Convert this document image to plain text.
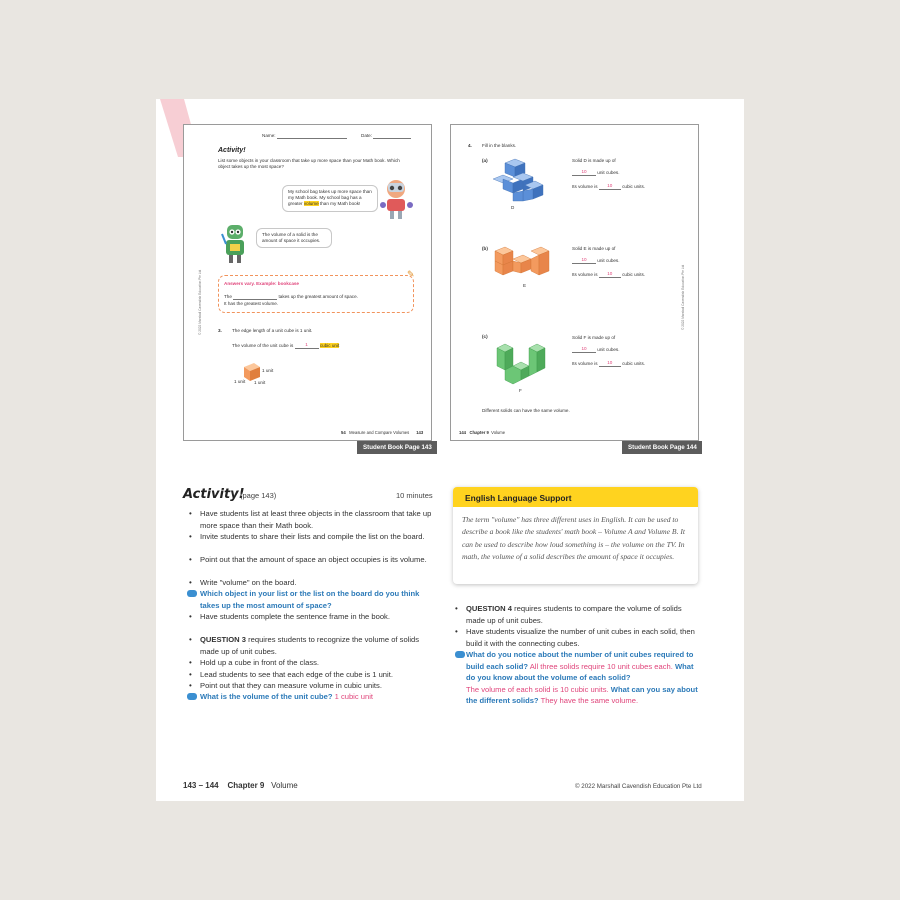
Name:	Date:
Activity!
List some objects in your classroom that take up more space than your Math book. Which object takes up the most space?
My school bag takes up more space than my Math book. My school bag has a greater volume than my Math book!
The volume of a solid is the amount of space it occupies.
Answers vary. Example: bookcase
The	takes up the greatest amount of space.
It has the greatest volume.
✎
3. The edge length of a unit cube is 1 unit.
The volume of the unit cube is	1	cubic unit
1 unit
1 unit 1 unit
© 2022 Marshall Cavendish Education Pte Ltd
54 Measure and Compare Volumes 143
Student Book Page 143
4. Fill in the blanks.
(a)
D
Solid D is made up of
10 unit cubes.
Its volume is 10 cubic units.
(b)
E
Solid E is made up of
10 unit cubes.
Its volume is 10 cubic units.
(c)
F
Solid F is made up of
10 unit cubes.
Its volume is 10 cubic units.
Different solids can have the same volume.
© 2022 Marshall Cavendish Education Pte Ltd
144 Chapter 9 Volume
Student Book Page 144
Activity!
(page 143)	10 minutes
• Have students list at least three objects in the classroom that take up more space than their Math book.
• Invite students to share their lists and compile the list on the board.
• Point out that the amount of space an object occupies is its volume.
• Write "volume" on the board.
Which object in your list or the list on the board do you think takes up the most amount of space?
• Have students complete the sentence frame in the book.
• QUESTION 3 requires students to recognize the volume of solids made up of unit cubes.
• Hold up a cube in front of the class.
• Lead students to see that each edge of the cube is 1 unit.
• Point out that they can measure volume in cubic units.
What is the volume of the unit cube? 1 cubic unit
English Language Support
The term "volume" has three different uses in English. It can be used to describe a book like the students' math book – Volume A and Volume B. It can be used to describe how loud something is – the volume on the TV. In math, the volume of a solid describes the amount of space it occupies.
• QUESTION 4 requires students to compare the volume of solids made up of unit cubes.
• Have students visualize the number of unit cubes in each solid, then build it with the connecting cubes.
What do you notice about the number of unit cubes required to build each solid? All three solids require 10 unit cubes each. What do you know about the volume of each solid?
The volume of each solid is 10 cubic units. What can you say about the different solids? They have the same volume.
143 – 144 Chapter 9 Volume	© 2022 Marshall Cavendish Education Pte Ltd
